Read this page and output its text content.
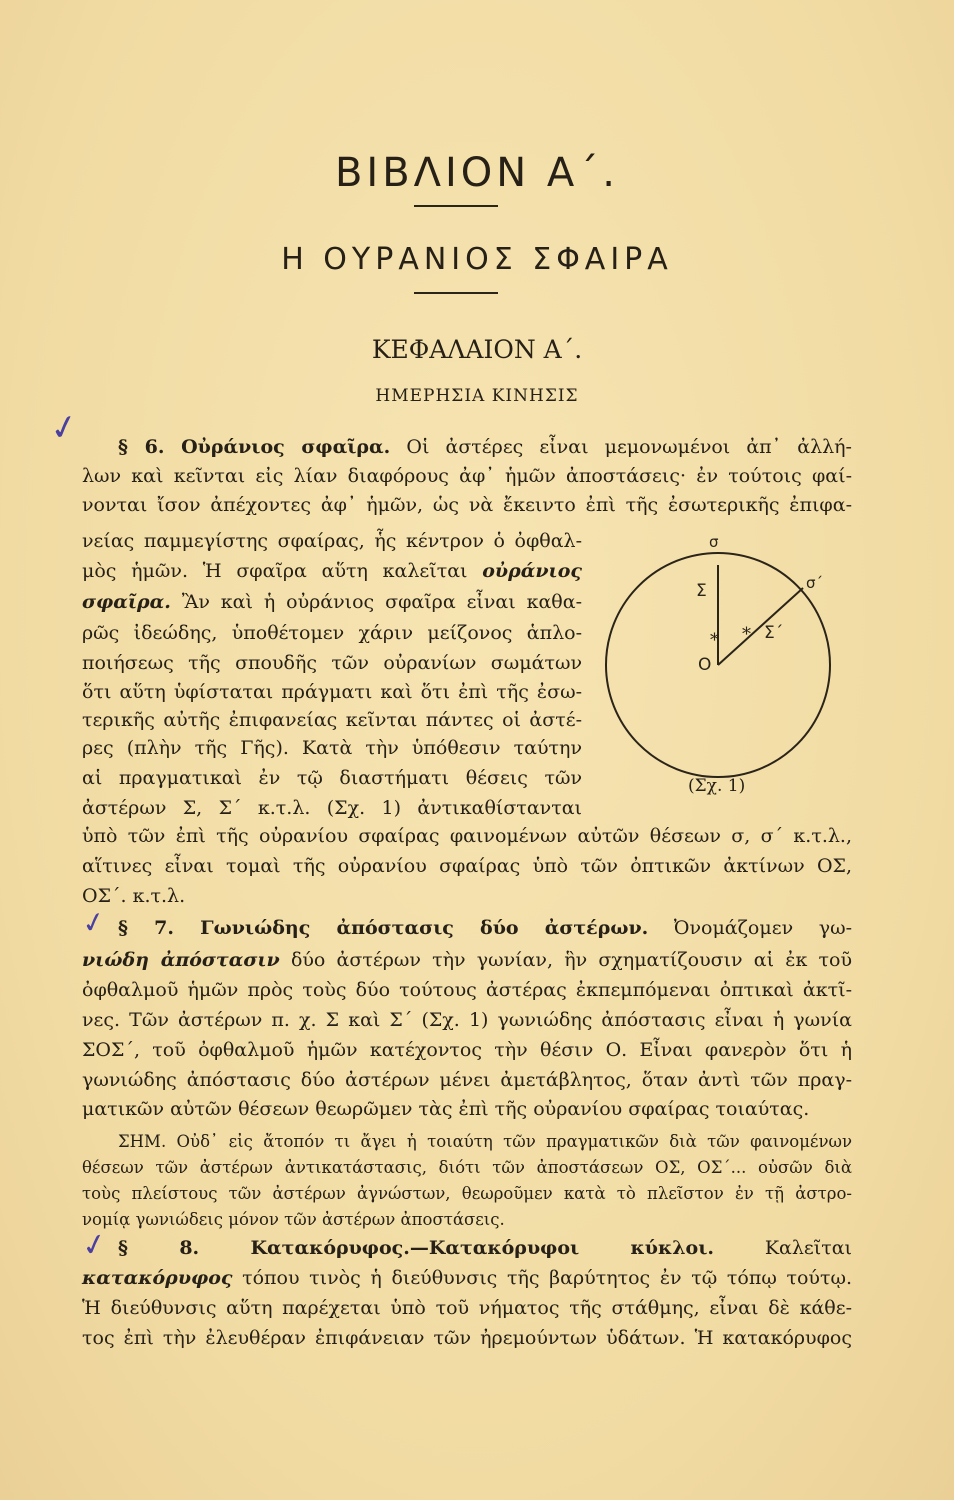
ΒΙΒΛΙΟΝ Α΄.
Η ΟΥΡΑΝΙΟΣ ΣΦΑΙΡΑ
ΚΕΦΑΛΑΙΟΝ Α΄.
ΗΜΕΡΗΣΙΑ ΚΙΝΗΣΙΣ
✓ § 6. Οὐράνιος σφαῖρα. Οἱ ἀστέρες εἶναι μεμονωμένοι ἀπ᾿ ἀλλή-
λων καὶ κεῖνται εἰς λίαν διαφόρους ἀφ᾿ ἡμῶν ἀποστάσεις· ἐν τούτοις φαί-
νονται ἴσον ἀπέχοντες ἀφ᾿ ἡμῶν, ὡς νὰ ἔκειντο ἐπὶ τῆς ἐσωτερικῆς ἐπιφα-
νείας παμμεγίστης σφαίρας, ἧς κέντρον ὁ ὀφθαλ-
μὸς ἡμῶν. Ἡ σφαῖρα αὕτη καλεῖται οὐράνιος
σφαῖρα. Ἂν καὶ ἡ οὐράνιος σφαῖρα εἶναι καθα-
ρῶς ἰδεώδης, ὑποθέτομεν χάριν μείζονος ἁπλο-
ποιήσεως τῆς σπουδῆς τῶν οὐρανίων σωμάτων
ὅτι αὕτη ὑφίσταται πράγματι καὶ ὅτι ἐπὶ τῆς ἐσω-
τερικῆς αὐτῆς ἐπιφανείας κεῖνται πάντες οἱ ἀστέ-
ρες (πλὴν τῆς Γῆς). Κατὰ τὴν ὑπόθεσιν ταύτην
αἱ πραγματικαὶ ἐν τῷ διαστήματι θέσεις τῶν
ἀστέρων Σ, Σ΄ κ.τ.λ. (Σχ. 1) ἀντικαθίστανται
ὑπὸ τῶν ἐπὶ τῆς οὐρανίου σφαίρας φαινομένων αὐτῶν θέσεων σ, σ΄ κ.τ.λ.,
αἵτινες εἶναι τομαὶ τῆς οὐρανίου σφαίρας ὑπὸ τῶν ὀπτικῶν ἀκτίνων ΟΣ,
ΟΣ΄. κ.τ.λ.
* *
σ
σ΄
Σ
Σ΄
Ο
(Σχ. 1)
✓ § 7. Γωνιώδης ἀπόστασις δύο ἀστέρων. Ὀνομάζομεν γω-
νιώδη ἀπόστασιν δύο ἀστέρων τὴν γωνίαν, ἣν σχηματίζουσιν αἱ ἐκ τοῦ
ὀφθαλμοῦ ἡμῶν πρὸς τοὺς δύο τούτους ἀστέρας ἐκπεμπόμεναι ὀπτικαὶ ἀκτῖ-
νες. Τῶν ἀστέρων π. χ. Σ καὶ Σ΄ (Σχ. 1) γωνιώδης ἀπόστασις εἶναι ἡ γωνία
ΣΟΣ΄, τοῦ ὀφθαλμοῦ ἡμῶν κατέχοντος τὴν θέσιν Ο. Εἶναι φανερὸν ὅτι ἡ
γωνιώδης ἀπόστασις δύο ἀστέρων μένει ἀμετάβλητος, ὅταν ἀντὶ τῶν πραγ-
ματικῶν αὐτῶν θέσεων θεωρῶμεν τὰς ἐπὶ τῆς οὐρανίου σφαίρας τοιαύτας.
ΣΗΜ. Οὐδ᾿ εἰς ἄτοπόν τι ἄγει ἡ τοιαύτη τῶν πραγματικῶν διὰ τῶν φαινομένων
θέσεων τῶν ἀστέρων ἀντικατάστασις, διότι τῶν ἀποστάσεων ΟΣ, ΟΣ΄... οὐσῶν διὰ
τοὺς πλείστους τῶν ἀστέρων ἀγνώστων, θεωροῦμεν κατὰ τὸ πλεῖστον ἐν τῇ ἀστρο-
νομίᾳ γωνιώδεις μόνον τῶν ἀστέρων ἀποστάσεις.
✓ § 8. Κατακόρυφος.—Κατακόρυφοι κύκλοι.	Καλεῖται
κατακόρυφος τόπου τινὸς ἡ διεύθυνσις τῆς βαρύτητος ἐν τῷ τόπῳ τούτῳ.
Ἡ διεύθυνσις αὕτη παρέχεται ὑπὸ τοῦ νήματος τῆς στάθμης, εἶναι δὲ κάθε-
τος ἐπὶ τὴν ἐλευθέραν ἐπιφάνειαν τῶν ἠρεμούντων ὑδάτων. Ἡ κατακόρυφος
